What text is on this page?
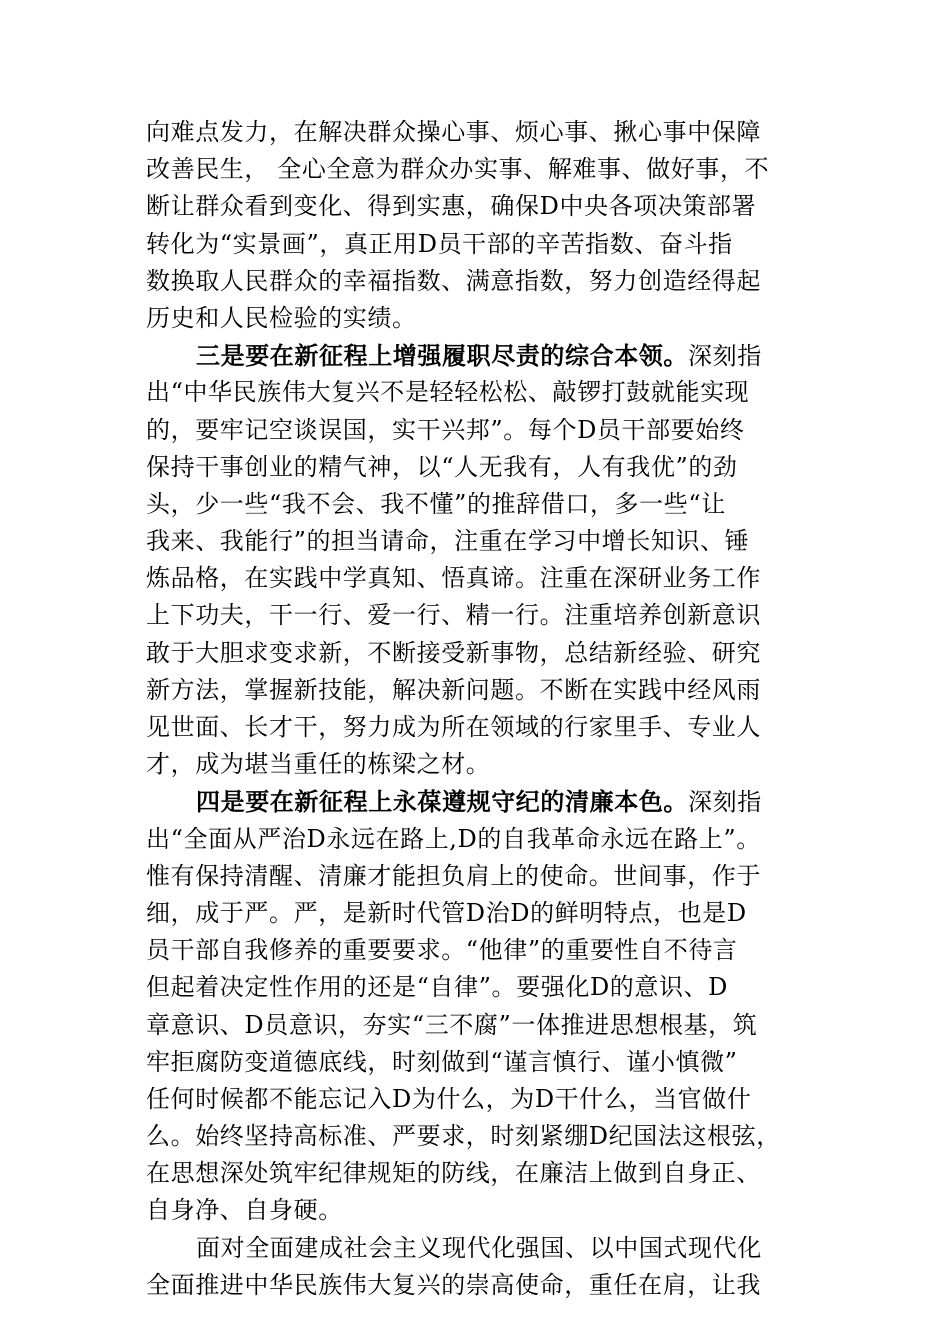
向难点发力，在解决群众操心事、烦心事、揪心事中保障
改善民生， 全心全意为群众办实事、解难事、做好事，不
断让群众看到变化、得到实惠，确保D中央各项决策部署
转化为“实景画”，真正用D员干部的辛苦指数、奋斗指
数换取人民群众的幸福指数、满意指数，努力创造经得起
历史和人民检验的实绩。
三是要在新征程上增强履职尽责的综合本领。深刻指
出“中华民族伟大复兴不是轻轻松松、敲锣打鼓就能实现
的，要牢记空谈误国，实干兴邦”。每个D员干部要始终
保持干事创业的精气神，以“人无我有，人有我优”的劲
头，少一些“我不会、我不懂”的推辞借口，多一些“让
我来、我能行”的担当请命，注重在学习中增长知识、锤
炼品格，在实践中学真知、悟真谛。注重在深研业务工作
上下功夫，干一行、爱一行、精一行。注重培养创新意识
敢于大胆求变求新，不断接受新事物，总结新经验、研究
新方法，掌握新技能，解决新问题。不断在实践中经风雨
见世面、长才干，努力成为所在领域的行家里手、专业人
才，成为堪当重任的栋梁之材。
四是要在新征程上永葆遵规守纪的清廉本色。深刻指
出“全面从严治D永远在路上,D的自我革命永远在路上”。
惟有保持清醒、清廉才能担负肩上的使命。世间事，作于
细，成于严。严，是新时代管D治D的鲜明特点，也是D
员干部自我修养的重要要求。“他律”的重要性自不待言
但起着决定性作用的还是“自律”。要强化D的意识、D
章意识、D员意识，夯实“三不腐”一体推进思想根基，筑
牢拒腐防变道德底线，时刻做到“谨言慎行、谨小慎微”
任何时候都不能忘记入D为什么，为D干什么，当官做什
么。始终坚持高标准、严要求，时刻紧绷D纪国法这根弦，
在思想深处筑牢纪律规矩的防线，在廉洁上做到自身正、
自身净、自身硬。
面对全面建成社会主义现代化强国、以中国式现代化
全面推进中华民族伟大复兴的崇高使命，重任在肩，让我
